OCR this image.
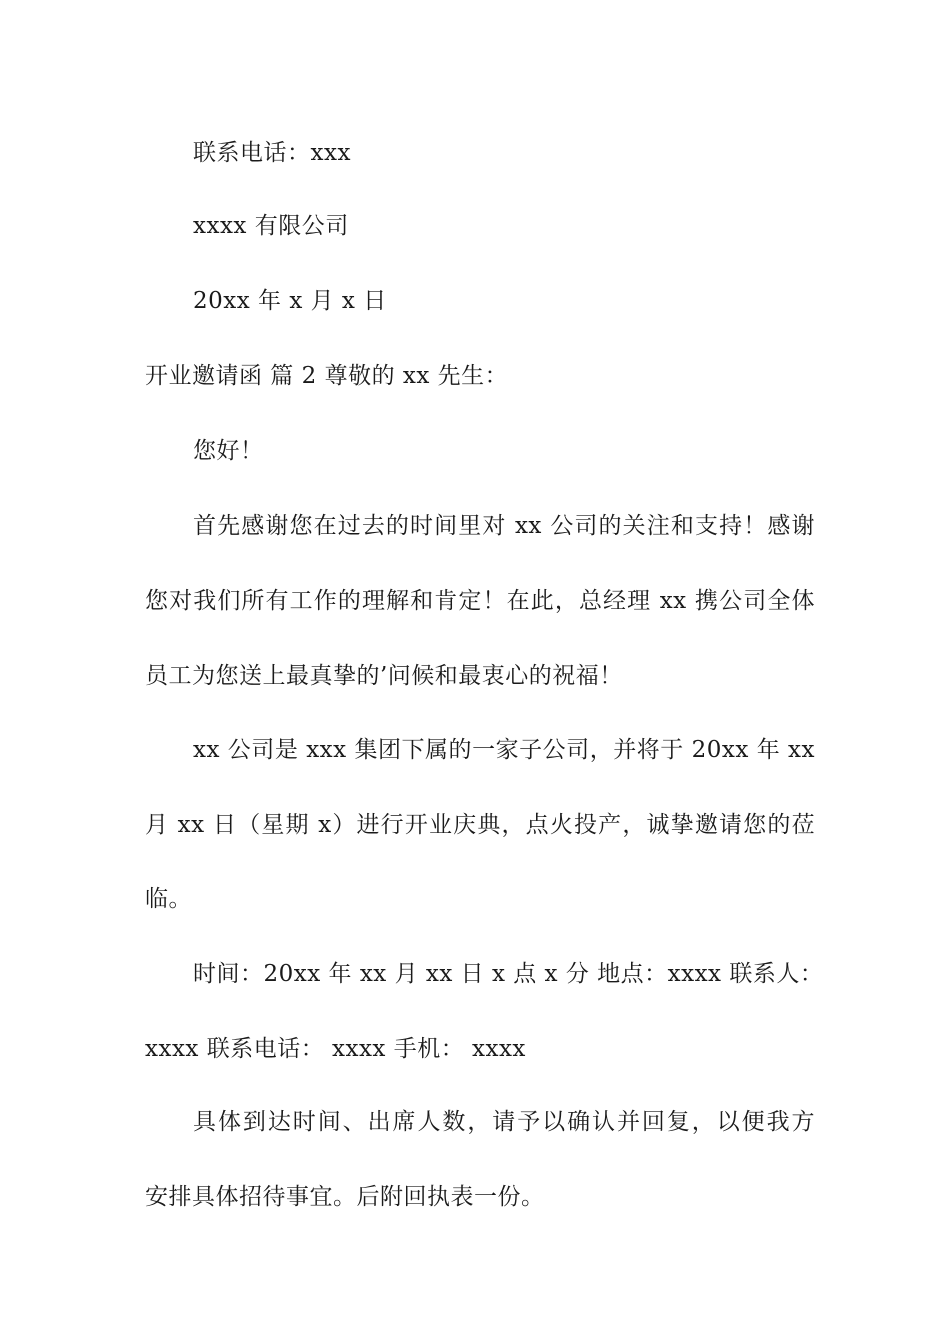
联系电话：xxx
xxxx 有限公司
20xx 年 x 月 x 日
开业邀请函 篇 2 尊敬的 xx 先生：
您好！
首先感谢您在过去的时间里对 xx 公司的关注和支持！感谢
您对我们所有工作的理解和肯定！在此，总经理 xx 携公司全体
员工为您送上最真挚的’问候和最衷心的祝福！
xx 公司是 xxx 集团下属的一家子公司，并将于 20xx 年 xx
月 xx 日（星期 x）进行开业庆典，点火投产，诚挚邀请您的莅
临。
时间：20xx 年 xx 月 xx 日 x 点 x 分 地点：xxxx 联系人：
xxxx 联系电话： xxxx 手机： xxxx
具体到达时间、出席人数，请予以确认并回复，以便我方
安排具体招待事宜。后附回执表一份。
